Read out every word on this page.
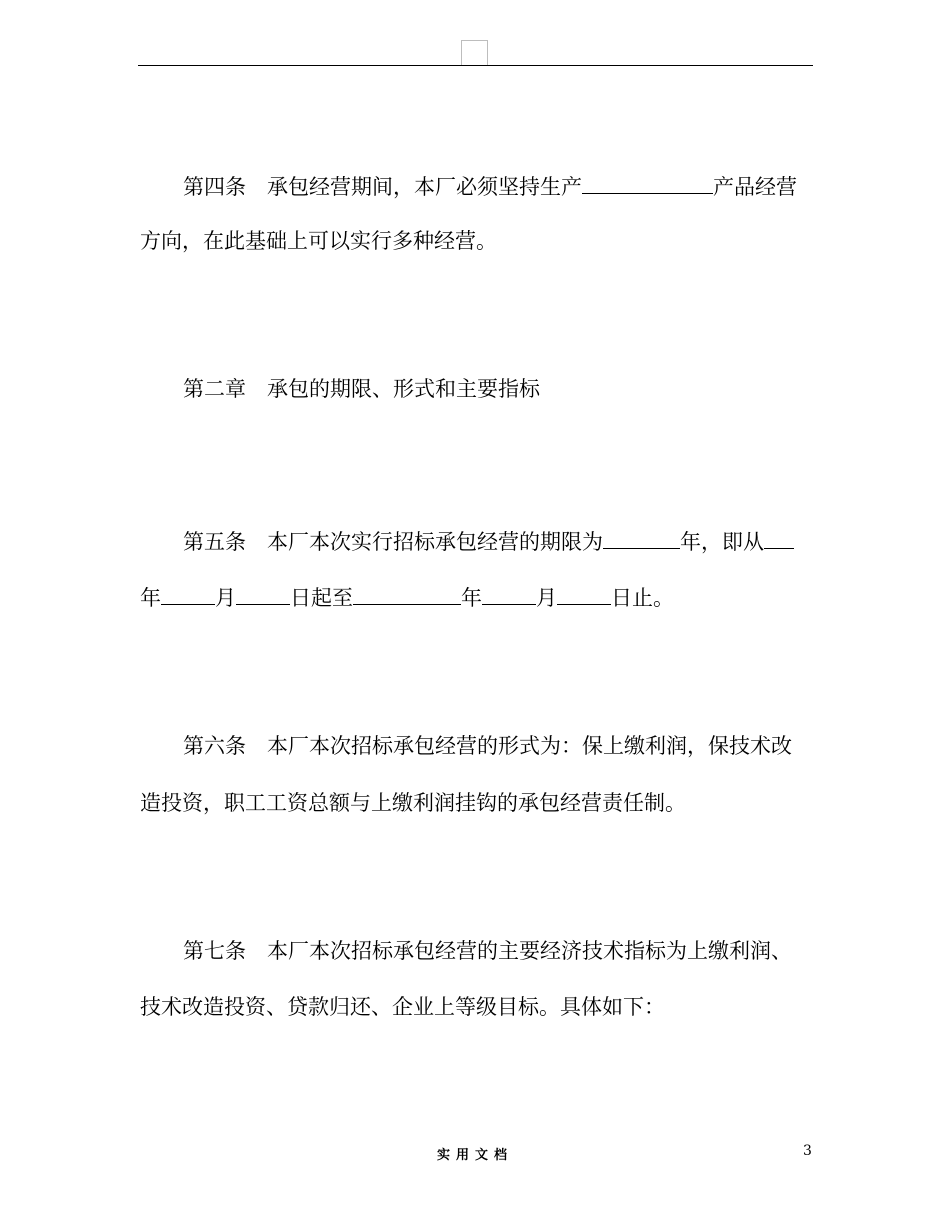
第四条　承包经营期间，本厂必须坚持生产	产品经营
方向，在此基础上可以实行多种经营。
第二章　承包的期限、形式和主要指标
第五条　本厂本次实行招标承包经营的期限为	年，即从
年	月	日起至	年	月	日止。
第六条　本厂本次招标承包经营的形式为：保上缴利润，保技术改
造投资，职工工资总额与上缴利润挂钩的承包经营责任制。
第七条　本厂本次招标承包经营的主要经济技术指标为上缴利润、
技术改造投资、贷款归还、企业上等级目标。具体如下：
实用文档	3
